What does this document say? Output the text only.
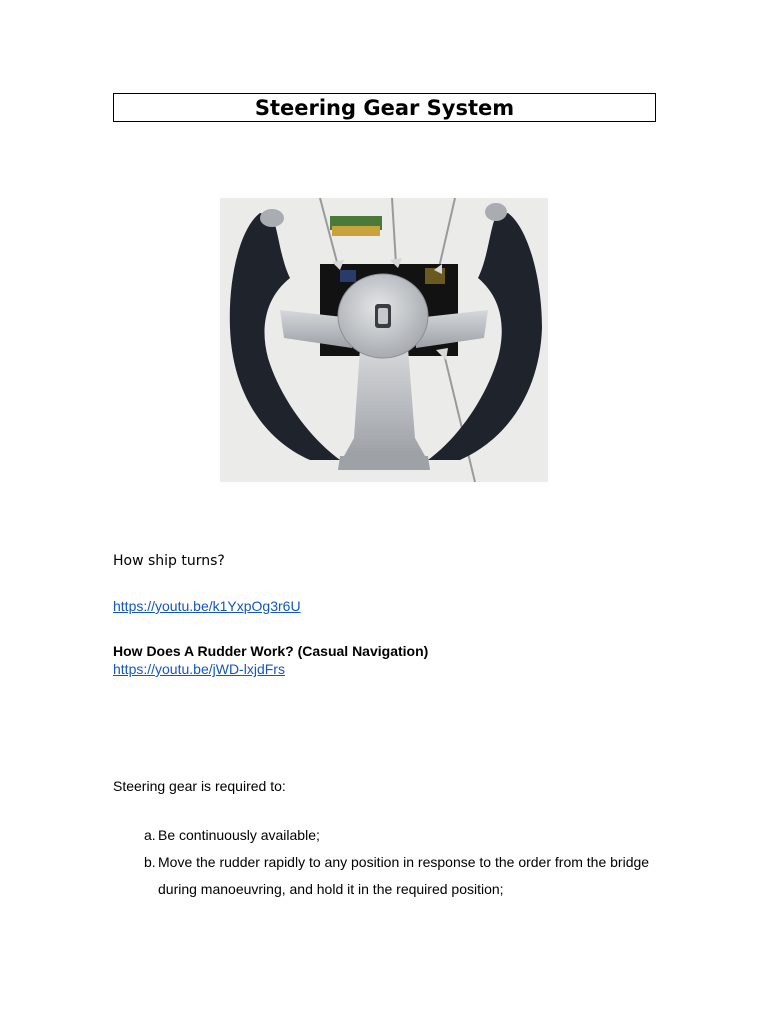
Steering Gear System
How ship turns?
https://youtu.be/k1YxpOg3r6U
How Does A Rudder Work? (Casual Navigation)
https://youtu.be/jWD-lxjdFrs
Steering gear is required to:
a. Be continuously available;
b. Move the rudder rapidly to any position in response to the order from the bridge during manoeuvring, and hold it in the required position;
